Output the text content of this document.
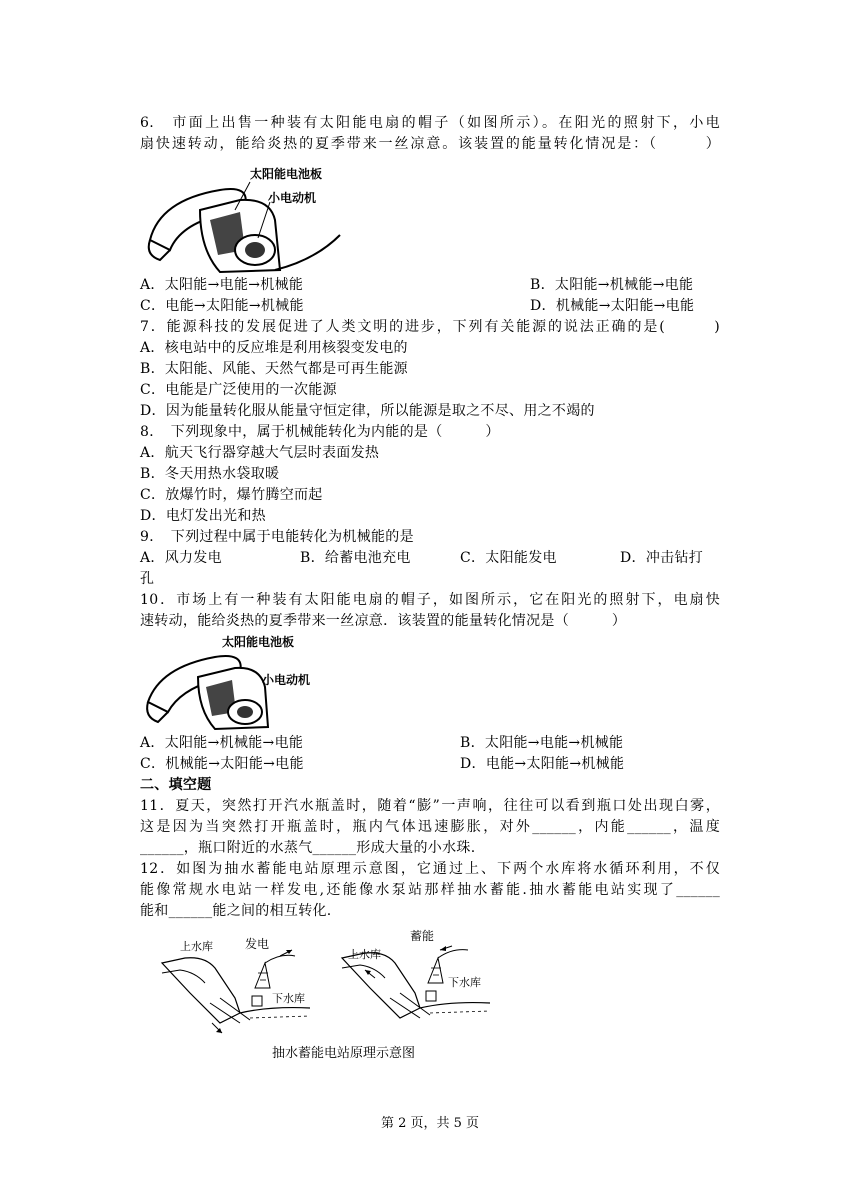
6.　市面上出售一种装有太阳能电扇的帽子（如图所示）。在阳光的照射下，小电
扇快速转动，能给炎热的夏季带来一丝凉意。该装置的能量转化情况是：（　　　）
太阳能电池板
小电动机
A．太阳能→电能→机械能	B．太阳能→机械能→电能
C．电能→太阳能→机械能	D．机械能→太阳能→电能
7．能源科技的发展促进了人类文明的进步，下列有关能源的说法正确的是(　　　)
A．核电站中的反应堆是利用核裂变发电的
B．太阳能、风能、天然气都是可再生能源
C．电能是广泛使用的一次能源
D．因为能量转化服从能量守恒定律，所以能源是取之不尽、用之不竭的
8．　下列现象中，属于机械能转化为内能的是（　　　）
A．航天飞行器穿越大气层时表面发热
B．冬天用热水袋取暖
C．放爆竹时，爆竹腾空而起
D．电灯发出光和热
9．　下列过程中属于电能转化为机械能的是
A．风力发电	B．给蓄电池充电	C．太阳能发电	D．冲击钻打
孔
10．市场上有一种装有太阳能电扇的帽子，如图所示，它在阳光的照射下，电扇快
速转动，能给炎热的夏季带来一丝凉意．该装置的能量转化情况是（　　　）
太阳能电池板
小电动机
A．太阳能→机械能→电能	B．太阳能→电能→机械能
C．机械能→太阳能→电能	D．电能→太阳能→机械能
二、填空题
11．夏天，突然打开汽水瓶盖时，随着“膨”一声响，往往可以看到瓶口处出现白雾，
这是因为当突然打开瓶盖时，瓶内气体迅速膨胀，对外______，内能______，温度
______，瓶口附近的水蒸气______形成大量的小水珠.
12．如图为抽水蓄能电站原理示意图，它通过上、下两个水库将水循环利用，不仅
能像常规水电站一样发电,还能像水泵站那样抽水蓄能.抽水蓄能电站实现了______
能和______能之间的相互转化.
上水库	发电
下水库
上水库
蓄能
下水库
抽水蓄能电站原理示意图
第 2 页，共 5 页
